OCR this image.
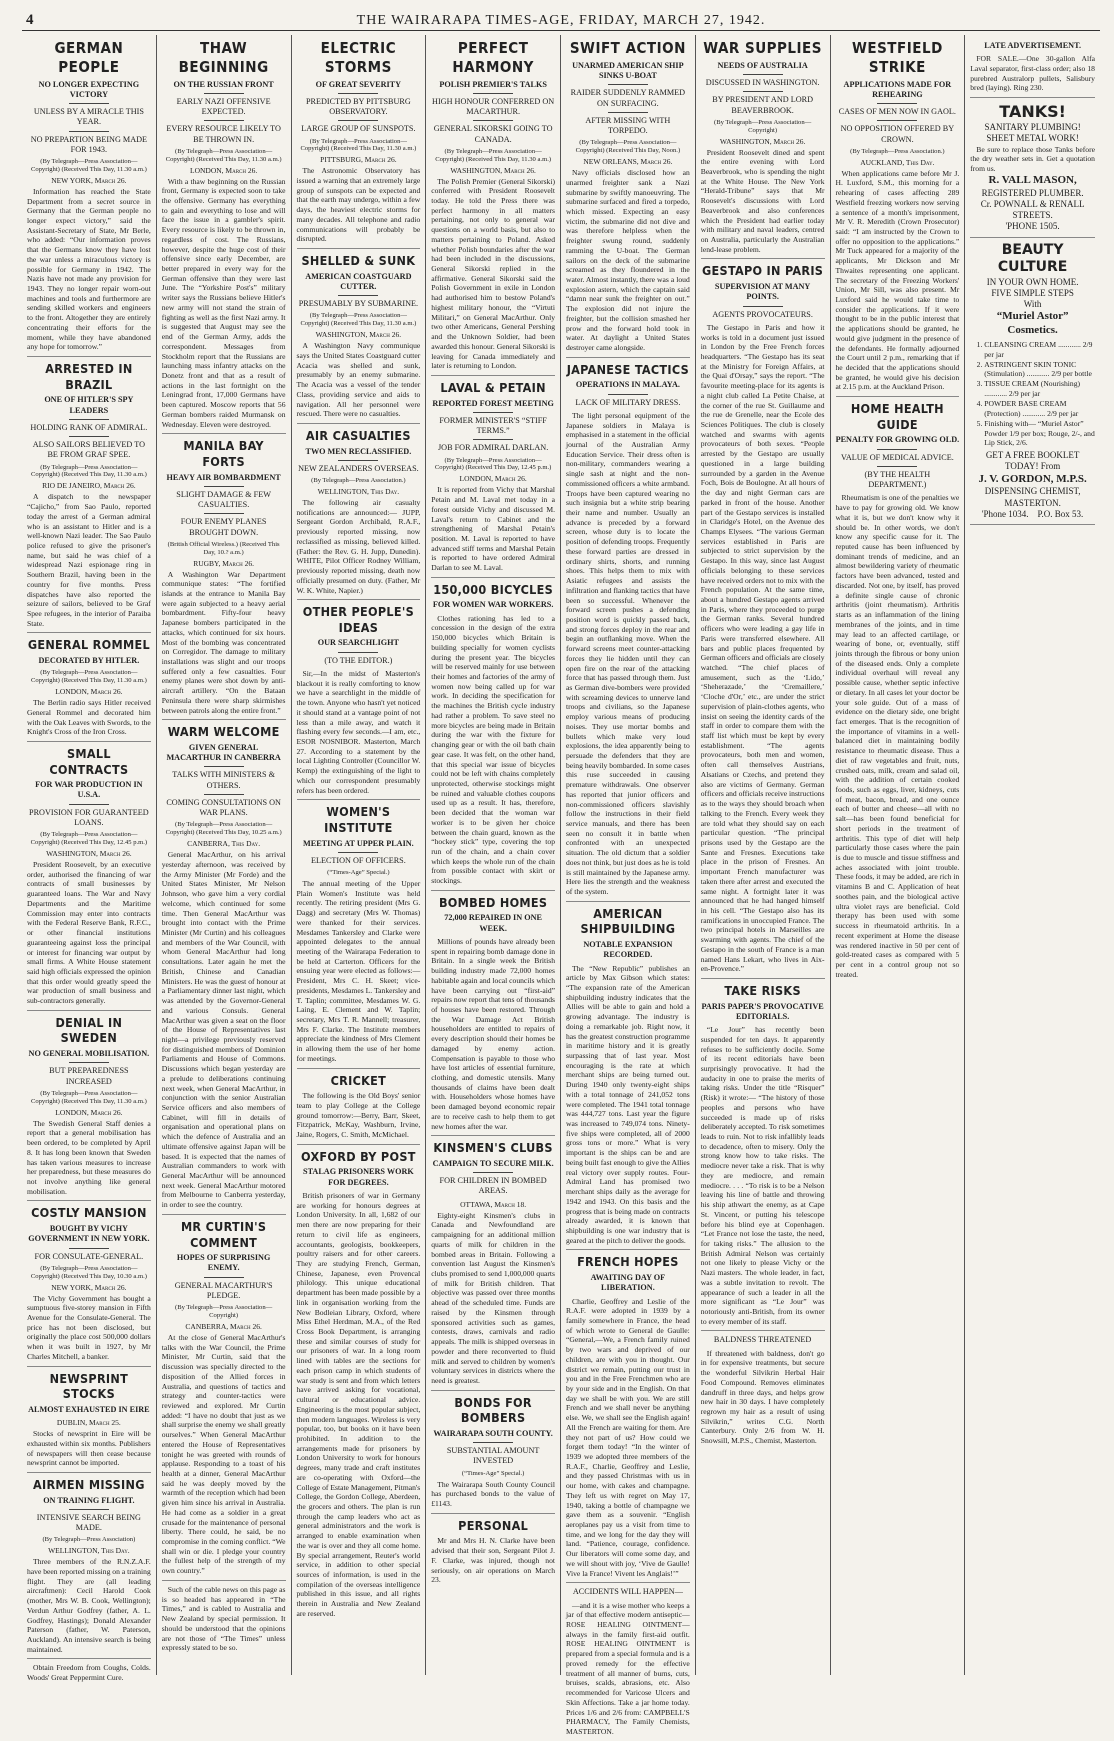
4	THE WAIRARAPA TIMES-AGE, FRIDAY, MARCH 27, 1942.
GERMAN PEOPLE
NO LONGER EXPECTING VICTORY
UNLESS BY A MIRACLE THIS YEAR.
NO PREPARTION BEING MADE FOR 1943.
(By Telegraph—Press Association—Copyright) (Received This Day, 11.30 a.m.)
NEW YORK, March 26.

Information has reached the State Department from a secret source in Germany that the German people no longer expect victory,” said the Assistant-Secretary of State, Mr Berle, who added: “Our information proves that the Germans know they have lost the war unless a miraculous victory is possible for Germany in 1942. The Nazis have not made any provision for 1943. They no longer repair worn-out machines and tools and furthermore are sending skilled workers and engineers to the front. Altogether they are entirely concentrating their efforts for the moment, while they have abandoned any hope for tomorrow.”

ARRESTED IN BRAZIL
ONE OF HITLER'S SPY LEADERS
HOLDING RANK OF ADMIRAL.
ALSO SAILORS BELIEVED TO BE FROM GRAF SPEE.
(By Telegraph—Press Association—Copyright) (Received This Day, 11.30 a.m.)
RIO DE JANEIRO, March 26.

A dispatch to the newspaper “Cajicho,” from Sao Paulo, reported today the arrest of a German admiral who is an assistant to Hitler and is a well-known Nazi leader. The Sao Paulo police refused to give the prisoner's name, but said he was chief of a widespread Nazi espionage ring in Southern Brazil, having been in the country for five months. Press dispatches have also reported the seizure of sailors, believed to be Graf Spee refugees, in the interior of Paraiba State.

GENERAL ROMMEL
DECORATED BY HITLER.
(By Telegraph—Press Association—Copyright) (Received This Day, 11.30 a.m.)
LONDON, March 26.

The Berlin radio says Hitler received General Rommel and decorated him with the Oak Leaves with Swords, to the Knight's Cross of the Iron Cross.

SMALL CONTRACTS
FOR WAR PRODUCTION IN U.S.A.
PROVISION FOR GUARANTEED LOANS.
(By Telegraph—Press Association—Copyright) (Received This Day, 12.45 p.m.)
WASHINGTON, March 26.

President Roosevelt, by an executive order, authorised the financing of war contracts of small businesses by guaranteed loans. The War and Navy Departments and the Maritime Commission may enter into contracts with the Federal Reserve Bank, R.F.C., or other financial institutions guaranteeing against loss the principal or interest for financing war output by small firms. A White House statement said high officials expressed the opinion that this order would greatly speed the war production of small business and sub-contractors generally.

DENIAL IN SWEDEN
NO GENERAL MOBILISATION.
BUT PREPAREDNESS INCREASED
(By Telegraph—Press Association—Copyright) (Received This Day, 11.30 a.m.)
LONDON, March 26.

The Swedish General Staff denies a report that a general mobilisation has been ordered, to be completed by April 8. It has long been known that Sweden has taken various measures to increase her preparedness, but these measures do not involve anything like general mobilisation.

COSTLY MANSION
BOUGHT BY VICHY GOVERNMENT IN NEW YORK.
FOR CONSULATE-GENERAL.
(By Telegraph—Press Association—Copyright) (Received This Day, 10.30 a.m.)
NEW YORK, March 26.

The Vichy Government has bought a sumptuous five-storey mansion in Fifth Avenue for the Consulate-General. The price has not been disclosed, but originally the place cost 500,000 dollars when it was built in 1927, by Mr Charles Mitchell, a banker.

NEWSPRINT STOCKS
ALMOST EXHAUSTED IN EIRE
DUBLIN, March 25.

Stocks of newsprint in Eire will be exhausted within six months. Publishers of newspapers will then cease because newsprint cannot be imported.

AIRMEN MISSING
ON TRAINING FLIGHT.
INTENSIVE SEARCH BEING MADE.
(By Telegraph—Press Association)
WELLINGTON, This Day.

Three members of the R.N.Z.A.F. have been reported missing on a training flight. They are (all leading aircraftmen): Cecil Harold Cook (mother, Mrs W. B. Cook, Wellington); Verdun Arthur Godfrey (father, A. L. Godfrey, Hastings); Donald Alexander Paterson (father, W. Paterson, Auckland). An intensive search is being maintained.

Obtain Freedom from Coughs, Colds. Woods' Great Peppermint Cure.

THAW BEGINNING
ON THE RUSSIAN FRONT
EARLY NAZI OFFENSIVE EXPECTED.
EVERY RESOURCE LIKELY TO BE THROWN IN.
(By Telegraph—Press Association—Copyright) (Received This Day, 11.30 a.m.)
LONDON, March 26.

With a thaw beginning on the Russian front, Germany is expected soon to take the offensive. Germany has everything to gain and everything to lose and will face the issue in a gambler's spirit. Every resource is likely to be thrown in, regardless of cost. The Russians, however, despite the huge cost of their offensive since early December, are better prepared in every way for the German offensive than they were last June. The “Yorkshire Post's” military writer says the Russians believe Hitler's new army will not stand the strain of fighting as well as the first Nazi army. It is suggested that August may see the end of the German Army, adds the correspondent. Messages from Stockholm report that the Russians are launching mass infantry attacks on the Donetz front and that as a result of actions in the last fortnight on the Leningrad front, 17,000 Germans have been captured. Moscow reports that 56 German bombers raided Murmansk on Wednesday. Eleven were destroyed.

MANILA BAY FORTS
HEAVY AIR BOMBARDMENT
SLIGHT DAMAGE & FEW CASUALTIES.
FOUR ENEMY PLANES BROUGHT DOWN.
(British Official Wireless.) (Received This Day, 10.? a.m.)
RUGBY, March 26.

A Washington War Department communique states: “The fortified islands at the entrance to Manila Bay were again subjected to a heavy aerial bombardment. Fifty-four heavy Japanese bombers participated in the attacks, which continued for six hours. Most of the bombing was concentrated on Corregidor. The damage to military installations was slight and our troops suffered only a few casualties. Four enemy planes were shot down by anti-aircraft artillery. “On the Bataan Peninsula there were sharp skirmishes between patrols along the entire front.”

WARM WELCOME
GIVEN GENERAL MACARTHUR IN CANBERRA
TALKS WITH MINISTERS & OTHERS.
COMING CONSULTATIONS ON WAR PLANS.
(By Telegraph—Press Association—Copyright) (Received This Day, 10.25 a.m.)
CANBERRA, This Day.

General MacArthur, on his arrival yesterday afternoon, was received by the Army Minister (Mr Forde) and the United States Minister, Mr Nelson Johnson, who gave him a very cordial welcome, which continued for some time. Then General MacArthur was brought into contact with the Prime Minister (Mr Curtin) and his colleagues and members of the War Council, with whom General MacArthur had long consultations. Later again he met the British, Chinese and Canadian Ministers. He was the guest of honour at a Parliamentary dinner last night, which was attended by the Governor-General and various Consuls. General MacArthur was given a seat on the floor of the House of Representatives last night—a privilege previously reserved for distinguished members of Dominion Parliaments and House of Commons. Discussions which began yesterday are a prelude to deliberations continuing next week, when General MacArthur, in conjunction with the senior Australian Service officers and also members of Cabinet, will fill in details of organisation and operational plans on which the defence of Australia and an ultimate offensive against Japan will be based. It is expected that the names of Australian commanders to work with General MacArthur will be announced next week. General MacArthur motored from Melbourne to Canberra yesterday, in order to see the country.

MR CURTIN'S COMMENT
HOPES OF SURPRISING ENEMY.
GENERAL MACARTHUR'S PLEDGE.
(By Telegraph—Press Association—Copyright)
CANBERRA, March 26.

At the close of General MacArthur's talks with the War Council, the Prime Minister, Mr Curtin, said that the discussion was specially directed to the disposition of the Allied forces in Australia, and questions of tactics and strategy and counter-tactics were reviewed and explored. Mr Curtin added: “I have no doubt that just as we shall surprise the enemy we shall greatly ourselves.” When General MacArthur entered the House of Representatives tonight he was greeted with rounds of applause. Responding to a toast of his health at a dinner, General MacArthur said he was deeply moved by the warmth of the reception which had been given him since his arrival in Australia. He had come as a soldier in a great crusade for the maintenance of personal liberty. There could, he said, be no compromise in the coming conflict. “We shall win or die. I pledge your country the fullest help of the strength of my own country.”

Such of the cable news on this page as is so headed has appeared in “The Times,” and is cabled to Australia and New Zealand by special permission. It should be understood that the opinions are not those of “The Times” unless expressly stated to be so.

ELECTRIC STORMS
OF GREAT SEVERITY
PREDICTED BY PITTSBURG OBSERVATORY.
LARGE GROUP OF SUNSPOTS.
(By Telegraph—Press Association—Copyright) (Received This Day, 11.30 a.m.)
PITTSBURG, March 26.

The Astronomic Observatory has issued a warning that an extremely large group of sunspots can be expected and that the earth may undergo, within a few days, the heaviest electric storms for many decades. All telephone and radio communications will probably be disrupted.

SHELLED & SUNK
AMERICAN COASTGUARD CUTTER.
PRESUMABLY BY SUBMARINE.
(By Telegraph—Press Association—Copyright) (Received This Day, 11.30 a.m.)
WASHINGTON, March 26.

A Washington Navy communique says the United States Coastguard cutter Acacia was shelled and sunk, presumably by an enemy submarine. The Acacia was a vessel of the tender Class, providing service and aids to navigation. All her personnel were rescued. There were no casualties.

AIR CASUALTIES
TWO MEN RECLASSIFIED.
NEW ZEALANDERS OVERSEAS.
(By Telegraph—Press Association.)
WELLINGTON, This Day.

The following air casualty notifications are announced:— JUPP, Sergeant Gordon Archibald, R.A.F., previously reported missing, now reclassified as missing, believed killed. (Father: the Rev. G. H. Jupp, Dunedin). WHITE, Pilot Officer Rodney William, previously reported missing, death now officially presumed on duty. (Father, Mr W. K. White, Napier.)

OTHER PEOPLE'S IDEAS
OUR SEARCHLIGHT
(TO THE EDITOR.)

Sir,—In the midst of Masterton's blackout it is really comforting to know we have a searchlight in the middle of the town. Anyone who hasn't yet noticed it should stand at a vantage point of not less than a mile away, and watch it flashing every few seconds.—I am, etc., ESOR NOSNIBOR. Masterton, March 27. According to a statement by the local Lighting Controller (Councillor W. Kemp) the extinguishing of the light to which our correspondent presumably refers has been ordered.

WOMEN'S INSTITUTE
MEETING AT UPPER PLAIN.
ELECTION OF OFFICERS.
(“Times-Age” Special.)

The annual meeting of the Upper Plain Women's Institute was held recently. The retiring president (Mrs G. Dagg) and secretary (Mrs W. Thomas) were thanked for their services. Mesdames Tankersley and Clarke were appointed delegates to the annual meeting of the Wairarapa Federation to be held at Carterton. Officers for the ensuing year were elected as follows:—President, Mrs C. H. Skeet; vice-presidents, Mesdames L. Tankersley and T. Taplin; committee, Mesdames W. G. Laing, E. Clement and W. Taplin; secretary, Mrs T. R. Mannell; treasurer, Mrs F. Clarke. The Institute members appreciate the kindness of Mrs Clement in allowing them the use of her home for meetings.

CRICKET

The following is the Old Boys' senior team to play College at the College ground tomorrow:—Berry, Barr, Skeet, Fitzpatrick, McKay, Washburn, Irvine, Jaine, Rogers, C. Smith, McMichael.

OXFORD BY POST
STALAG PRISONERS WORK FOR DEGREES.

British prisoners of war in Germany are working for honours degrees at London University. In all, 1,682 of our men there are now preparing for their return to civil life as engineers, accountants, geologists, bookkeepers, poultry raisers and for other careers. They are studying French, German, Chinese, Japanese, even Provencal philology. This unique educational department has been made possible by a link in organisation working from the New Bodleian Library, Oxford, where Miss Ethel Herdman, M.A., of the Red Cross Book Department, is arranging these and similar courses of study for our prisoners of war. In a long room lined with tables are the sections for each prison camp in which students of war study is sent and from which letters have arrived asking for vocational, cultural or educational advice. Engineering is the most popular subject, then modern languages. Wireless is very popular, too, but books on it have been prohibited. In addition to the arrangements made for prisoners by London University to work for honours degrees, many trade and craft institutes are co-operating with Oxford—the College of Estate Management, Pitman's College, the Gordon College, Aberdeen, the grocers and others. The plan is run through the camp leaders who act as general administrators and the work is arranged to enable examination when the war is over and they all come home. By special arrangement, Reuter's world service, in addition to other special sources of information, is used in the compilation of the overseas intelligence published in this issue, and all rights therein in Australia and New Zealand are reserved.

PERFECT HARMONY
POLISH PREMIER'S TALKS
HIGH HONOUR CONFERRED ON MACARTHUR.
GENERAL SIKORSKI GOING TO CANADA.
(By Telegraph—Press Association—Copyright) (Received This Day, 11.30 a.m.)
WASHINGTON, March 26.

The Polish Premier (General Sikorski) conferred with President Roosevelt today. He told the Press there was perfect harmony in all matters pertaining, not only to general war questions on a world basis, but also to matters pertaining to Poland. Asked whether Polish boundaries after the war had been included in the discussions, General Sikorski replied in the affirmative. General Sikorski said the Polish Government in exile in London had authorised him to bestow Poland's highest military honour, the “Virtuti Militari,” on General MacArthur. Only two other Americans, General Pershing and the Unknown Soldier, had been awarded this honour. General Sikorski is leaving for Canada immediately and later is returning to London.

LAVAL & PETAIN
REPORTED FOREST MEETING
FORMER MINISTER'S “STIFF TERMS.”
JOB FOR ADMIRAL DARLAN.
(By Telegraph—Press Association—Copyright) (Received This Day, 12.45 p.m.)
LONDON, March 26.

It is reported from Vichy that Marshal Petain and M. Laval met today in a forest outside Vichy and discussed M. Laval's return to Cabinet and the strengthening of Marshal Petain's position. M. Laval is reported to have advanced stiff terms and Marshal Petain is reported to have ordered Admiral Darlan to see M. Laval.

150,000 BICYCLES
FOR WOMEN WAR WORKERS.

Clothes rationing has led to a concession in the design of the extra 150,000 bicycles which Britain is building specially for women cyclists during the present year. The bicycles will be reserved mainly for use between their homes and factories of the army of women now being called up for war work. In deciding the specification for the machines the British cycle industry had rather a problem. To save steel no more bicycles are being made in Britain during the war with the fixture for changing gear or with the oil bath chain gear case. It was felt, on the other hand, that this special war issue of bicycles could not be left with chains completely unprotected, otherwise stockings might be ruined and valuable clothes coupons used up as a result. It has, therefore, been decided that the woman war worker is to be given her choice between the chain guard, known as the “hockey stick” type, covering the top run of the chain, and a chain cover which keeps the whole run of the chain from possible contact with skirt or stockings.

BOMBED HOMES
72,000 REPAIRED IN ONE WEEK.

Millions of pounds have already been spent in repairing bomb damage done in Britain. In a single week the British building industry made 72,000 homes habitable again and local councils which have been carrying out “first-aid” repairs now report that tens of thousands of houses have been restored. Through the War Damage Act British householders are entitled to repairs of every description should their homes be damaged by enemy action. Compensation is payable to those who have lost articles of essential furniture, clothing, and domestic utensils. Many thousands of claims have been dealt with. Householders whose homes have been damaged beyond economic repair are to receive cash to help them to get new homes after the war.

KINSMEN'S CLUBS
CAMPAIGN TO SECURE MILK.
FOR CHILDREN IN BOMBED AREAS.
OTTAWA, March 18.

Eighty-eight Kinsmen's clubs in Canada and Newfoundland are campaigning for an additional million quarts of milk for children in the bombed areas in Britain. Following a convention last August the Kinsmen's clubs promised to send 1,000,000 quarts of milk for British children. That objective was passed over three months ahead of the scheduled time. Funds are raised by the Kinsmen through sponsored activities such as games, contests, draws, carnivals and radio appeals. The milk is shipped overseas in powder and there reconverted to fluid milk and served to children by women's voluntary services in districts where the need is greatest.

BONDS FOR BOMBERS
WAIRARAPA SOUTH COUNTY.
SUBSTANTIAL AMOUNT INVESTED
(“Times-Age” Special.)

The Wairarapa South County Council has purchased bonds to the value of £1143.

PERSONAL

Mr and Mrs H. N. Clarke have been advised that their son, Sergeant Pilot J. F. Clarke, was injured, though not seriously, on air operations on March 23.

SWIFT ACTION
UNARMED AMERICAN SHIP SINKS U-BOAT
RAIDER SUDDENLY RAMMED ON SURFACING.
AFTER MISSING WITH TORPEDO.
(By Telegraph—Press Association—Copyright) (Received This Day, Noon.)
NEW ORLEANS, March 26.

Navy officials disclosed how an unarmed freighter sank a Nazi submarine by swiftly manoeuvring. The submarine surfaced and fired a torpedo, which missed. Expecting an easy victim, the submarine did not dive and was therefore helpless when the freighter swung round, suddenly ramming the U-boat. The German sailors on the deck of the submarine screamed as they floundered in the water. Almost instantly, there was a loud explosion astern, which the captain said “damn near sunk the freighter on out.” The explosion did not injure the freighter, but the collision smashed her prow and the forward hold took in water. At daylight a United States destroyer came alongside.

JAPANESE TACTICS
OPERATIONS IN MALAYA.
LACK OF MILITARY DRESS.

The light personal equipment of the Japanese soldiers in Malaya is emphasised in a statement in the official journal of the Australian Army Education Service. Their dress often is non-military, commanders wearing a single sash at night and the non-commissioned officers a white armband. Troops have been captured wearing no such insignia but a white strip bearing their name and number. Usually an advance is preceded by a forward screen, whose duty is to locate the position of defending troops. Frequently these forward parties are dressed in ordinary shirts, shorts, and running shoes. This helps them to mix with Asiatic refugees and assists the infiltration and flanking tactics that have been so successful. Whenever the forward screen pushes a defending position word is quickly passed back, and strong forces deploy in the rear and begin an outflanking move. When the forward screens meet counter-attacking forces they lie hidden until they can open fire on the rear of the attacking force that has passed through them. Just as German dive-bombers were provided with screaming devices to unnerve land troops and civilians, so the Japanese employ various means of producing noises. They use mortar bombs and bullets which make very loud explosions, the idea apparently being to persuade the defenders that they are being heavily bombarded. In some cases this ruse succeeded in causing premature withdrawals. One observer has reported that junior officers and non-commissioned officers slavishly follow the instructions in their field service manuals, and there has been seen no consult it in battle when confronted with an unexpected situation. The old dictum that a soldier does not think, but just does as he is told is still maintained by the Japanese army. Here lies the strength and the weakness of the system.

AMERICAN SHIPBUILDING
NOTABLE EXPANSION RECORDED.

The “New Republic” publishes an article by Max Gibson which states: “The expansion rate of the American shipbuilding industry indicates that the Allies will be able to gain and hold a growing advantage. The industry is doing a remarkable job. Right now, it has the greatest construction programme in maritime history and it is greatly surpassing that of last year. Most encouraging is the rate at which merchant ships are being turned out. During 1940 only twenty-eight ships with a total tonnage of 241,052 tons were completed. The 1941 total tonnage was 444,727 tons. Last year the figure was increased to 749,074 tons. Ninety-five ships were completed, all of 2000 gross tons or more.” What is very important is the ships can be and are being built fast enough to give the Allies real victory over supply routes. Four-Admiral Land has promised two merchant ships daily as the average for 1942 and 1943. On this basis and the progress that is being made on contracts already awarded, it is known that shipbuilding is one war industry that is geared at the pitch to deliver the goods.

FRENCH HOPES
AWAITING DAY OF LIBERATION.

Charlie, Geoffrey and Leslie of the R.A.F. were adopted in 1939 by a family somewhere in France, the head of which wrote to General de Gaulle: “General,—We, a French family ruined by two wars and deprived of our children, are with you in thought. Our district we remain, putting our trust in you and in the Free Frenchmen who are by your side and in the English. On that day we shall be with you. We are still French and we shall never be anything else. We, we shall see the English again! All the French are waiting for them. Are they not part of us? How could we forget them today! “In the winter of 1939 we adopted three members of the R.A.F., Charlie, Geoffrey and Leslie, and they passed Christmas with us in our home, with cakes and champagne. They left us with regret on May 17, 1940, taking a bottle of champagne we gave them as a souvenir. “English aeroplanes pay us a visit from time to time, and we long for the day they will land. “Patience, courage, confidence. Our liberators will come some day, and we will shout with joy, ‘Vive de Gaulle! Vive la France! Vivent les Anglais!’”

ACCIDENTS WILL HAPPEN—

—and it is a wise mother who keeps a jar of that effective modern antiseptic—ROSE HEALING OINTMENT—always in the family first-aid outfit. ROSE HEALING OINTMENT is prepared from a special formula and is a proved remedy for the effective treatment of all manner of burns, cuts, bruises, scalds, abrasions, etc. Also recommended for Varicose Ulcers and Skin Affections. Take a jar home today. Prices 1/6 and 2/6 from: CAMPBELL'S PHARMACY, The Family Chemists, MASTERTON.

WAR SUPPLIES
NEEDS OF AUSTRALIA
DISCUSSED IN WASHINGTON.
BY PRESIDENT AND LORD BEAVERBROOK.
(By Telegraph—Press Association—Copyright)
WASHINGTON, March 26.

President Roosevelt dined and spent the entire evening with Lord Beaverbrook, who is spending the night at the White House. The New York “Herald-Tribune” says that Mr Roosevelt's discussions with Lord Beaverbrook and also conferences which the President had earlier today with military and naval leaders, centred on Australia, particularly the Australian lend-lease problem.

GESTAPO IN PARIS
SUPERVISION AT MANY POINTS.
AGENTS PROVOCATEURS.

The Gestapo in Paris and how it works is told in a document just issued in London by the Free French forces headquarters. “The Gestapo has its seat at the Ministry for Foreign Affairs, at the Quai d'Orsay,” says the report. “The favourite meeting-place for its agents is a night club called La Petite Chaise, at the corner of the rue St. Guillaume and the rue de Grenelle, near the Ecole des Sciences Politiques. The club is closely watched and swarms with agents provocateurs of both sexes. “People arrested by the Gestapo are usually questioned in a large building surrounded by a garden in the Avenue Foch, Bois de Boulogne. At all hours of the day and night German cars are parked in front of the house. Another part of the Gestapo services is installed in Claridge's Hotel, on the Avenue des Champs Elysees. “The various German services established in Paris are subjected to strict supervision by the Gestapo. In this way, since last August officials belonging to these services have received orders not to mix with the French population. At the same time, about a hundred Gestapo agents arrived in Paris, where they proceeded to purge the German ranks. Several hundred officers who were leading a gay life in Paris were transferred elsewhere. All bars and public places frequented by German officers and officials are closely watched. “The chief places of amusement, such as the ‘Lido,’ ‘Sheherazade,’ the ‘Cremaillere,’ ‘Cloche d'Or,’ etc., are under the strict supervision of plain-clothes agents, who insist on seeing the identity cards of the staff in order to compare them with the staff list which must be kept by every establishment. “The agents provocateurs, both men and women, often call themselves Austrians, Alsatians or Czechs, and pretend they also are victims of Germany. German officers and officials receive instructions as to the ways they should broach when talking to the French. Every week they are told what they should say on each particular question. “The principal prisons used by the Gestapo are the Sante and Fresnes. Executions take place in the prison of Fresnes. An important French manufacturer was taken there after arrest and executed the same night. A fortnight later it was announced that he had hanged himself in his cell. “The Gestapo also has its ramifications in unoccupied France. The two principal hotels in Marseilles are swarming with agents. The chief of the Gestapo in the south of France is a man named Hans Lekart, who lives in Aix-en-Provence.”

TAKE RISKS
PARIS PAPER'S PROVOCATIVE EDITORIALS.

“Le Jour” has recently been suspended for ten days. It apparently refuses to be sufficiently docile. Some of its recent editorials have been surprisingly provocative. It had the audacity in one to praise the merits of taking risks. Under the title “Risquer” (Risk) it wrote:— “The history of those peoples and persons who have succeeded is made up of risks deliberately accepted. To risk sometimes leads to ruin. Not to risk infallibly leads to decadence, often to misery. Only the strong know how to take risks. The mediocre never take a risk. That is why they are mediocre, and remain mediocre. . . . “To risk is to be a Nelson leaving his line of battle and throwing his ship athwart the enemy, as at Cape St. Vincent, or putting his telescope before his blind eye at Copenhagen. “Let France not lose the taste, the need, for taking risks.” The allusion to the British Admiral Nelson was certainly not one likely to please Vichy or the Nazi masters. The whole leader, in fact, was a subtle invitation to revolt. The appearance of such a leader in all the more significant as “Le Jour” was notoriously anti-British, from its owner to every member of its staff.

BALDNESS THREATENED

If threatened with baldness, don't go in for expensive treatments, but secure the wonderful Silvikrin Herbal Hair Food Compound. Removes eliminates dandruff in three days, and helps grow new hair in 30 days. I have completely regrown my hair as a result of using Silvikrin,” writes C.G. North Canterbury. Only 2/6 from W. H. Snowsill, M.P.S., Chemist, Masterton.

WESTFIELD STRIKE
APPLICATIONS MADE FOR REHEARING
CASES OF MEN NOW IN GAOL.
NO OPPOSITION OFFERED BY CROWN.
(By Telegraph—Press Association.)
AUCKLAND, This Day.

When applications came before Mr J. H. Luxford, S.M., this morning for a rehearing of cases affecting 289 Westfield freezing workers now serving a sentence of a month's imprisonment, Mr V. R. Meredith (Crown Prosecutor) said: “I am instructed by the Crown to offer no opposition to the applications.” Mr Tuck appeared for a majority of the applicants, Mr Dickson and Mr Thwaites representing one applicant. The secretary of the Freezing Workers' Union, Mr Sill, was also present. Mr Luxford said he would take time to consider the applications. If it were thought to be in the public interest that the applications should be granted, he would give judgment in the presence of the defendants. He formally adjourned the Court until 2 p.m., remarking that if he decided that the applications should be granted, he would give his decision at 2.15 p.m. at the Auckland Prison.

HOME HEALTH GUIDE
PENALTY FOR GROWING OLD.
VALUE OF MEDICAL ADVICE.
(BY THE HEALTH DEPARTMENT.)

Rheumatism is one of the penalties we have to pay for growing old. We know what it is, but we don't know why it should be. In other words, we don't know any specific cause for it. The reputed cause has been influenced by dominant trends of medicine, and an almost bewildering variety of rheumatic factors have been advanced, tested and discarded. Not one, by itself, has proved a definite single cause of chronic arthritis (joint rheumatism). Arthritis starts as an inflammation of the lining membranes of the joints, and in time may lead to an affected cartilage, or wearing of bone, or, eventually, stiff joints through the fibrous or bony union of the diseased ends. Only a complete individual overhaul will reveal any possible cause, whether septic infective or dietary. In all cases let your doctor be your sole guide. Out of a mass of evidence on the dietary side, one bright fact emerges. That is the recognition of the importance of vitamins in a well-balanced diet in maintaining bodily resistance to rheumatic disease. Thus a diet of raw vegetables and fruit, nuts, crushed oats, milk, cream and salad oil, with the addition of certain cooked foods, such as eggs, liver, kidneys, cuts of meat, bacon, bread, and one ounce each of butter and cheese—all with no salt—has been found beneficial for short periods in the treatment of arthritis. This type of diet will help particularly those cases where the pain is due to muscle and tissue stiffness and aches associated with joint trouble. These foods, it may be added, are rich in vitamins B and C. Application of heat soothes pain, and the biological active ultra violet rays are beneficial. Cold therapy has been used with some success in rheumatoid arthritis. In a recent experiment at Home the disease was rendered inactive in 50 per cent of gold-treated cases as compared with 5 per cent in a control group not so treated.

LATE ADVERTISEMENT.

FOR SALE.—One 30-gallon Alfa Laval separator, first-class order; also 18 purebred Australorp pullets, Salisbury bred (laying). Ring 230.

TANKS!
SANITARY PLUMBING!
SHEET METAL WORK!

Be sure to replace those Tanks before the dry weather sets in. Get a quotation from us.

R. VALL MASON,
REGISTERED PLUMBER.
Cr. POWNALL & RENALL STREETS.
'PHONE 1505.
BEAUTY CULTURE
IN YOUR OWN HOME.
FIVE SIMPLE STEPS
With
“Muriel Astor” Cosmetics.
1. CLEANSING CREAM ............ 2/9 per jar
2. ASTRINGENT SKIN TONIC (Stimulation) ............ 2/9 per bottle
3. TISSUE CREAM (Nourishing) ............ 2/9 per jar
4. POWDER BASE CREAM (Protection) ............ 2/9 per jar
5. Finishing with— “Muriel Astor” Powder 1/9 per box; Rouge, 2/-, and Lip Stick, 2/6.
GET A FREE BOOKLET TODAY! From
J. V. GORDON, M.P.S.
DISPENSING CHEMIST, MASTERTON.
'Phone 1034. P.O. Box 53.
